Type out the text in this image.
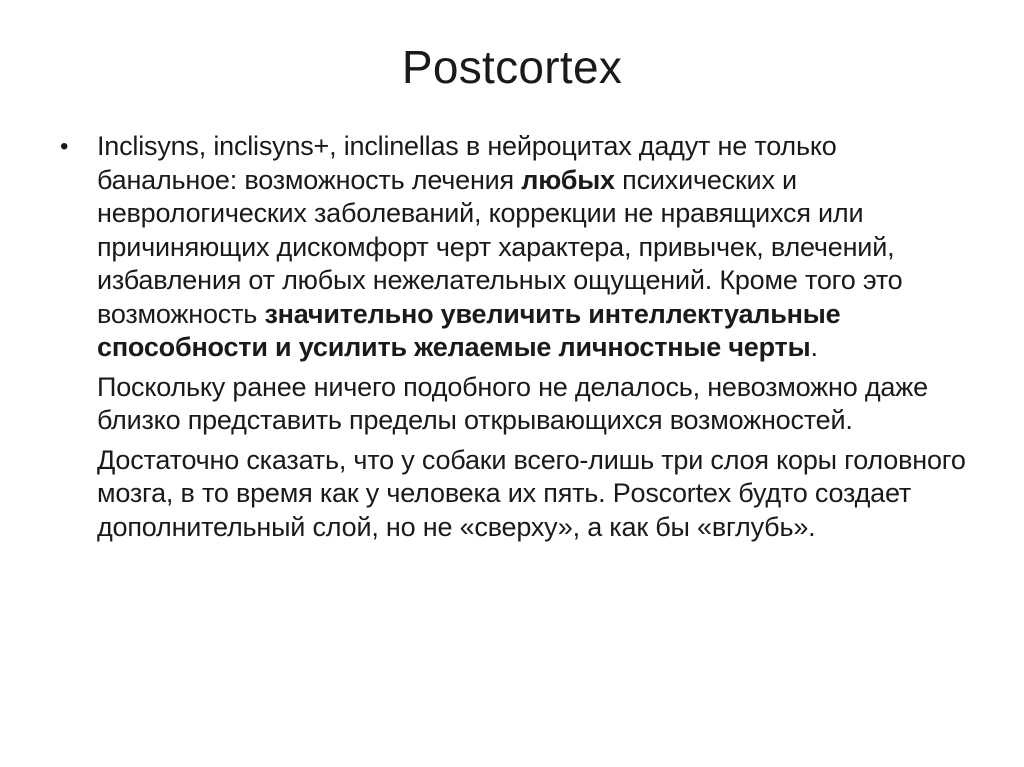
Postcortex
•	Inclisyns, inclisyns+, inclinellas в нейроцитах дадут не только банальное: возможность лечения любых психических и неврологических заболеваний, коррекции не нравящихся или причиняющих дискомфорт черт характера, привычек, влечений, избавления от любых нежелательных ощущений. Кроме того это возможность значительно увеличить интеллектуальные способности и усилить желаемые личностные черты.

Поскольку ранее ничего подобного не делалось, невозможно даже близко представить пределы открывающихся возможностей.

Достаточно сказать, что у собаки всего-лишь три слоя коры головного мозга, в то время как у человека их пять. Poscortex будто создает дополнительный слой, но не «сверху», а как бы «вглубь».
